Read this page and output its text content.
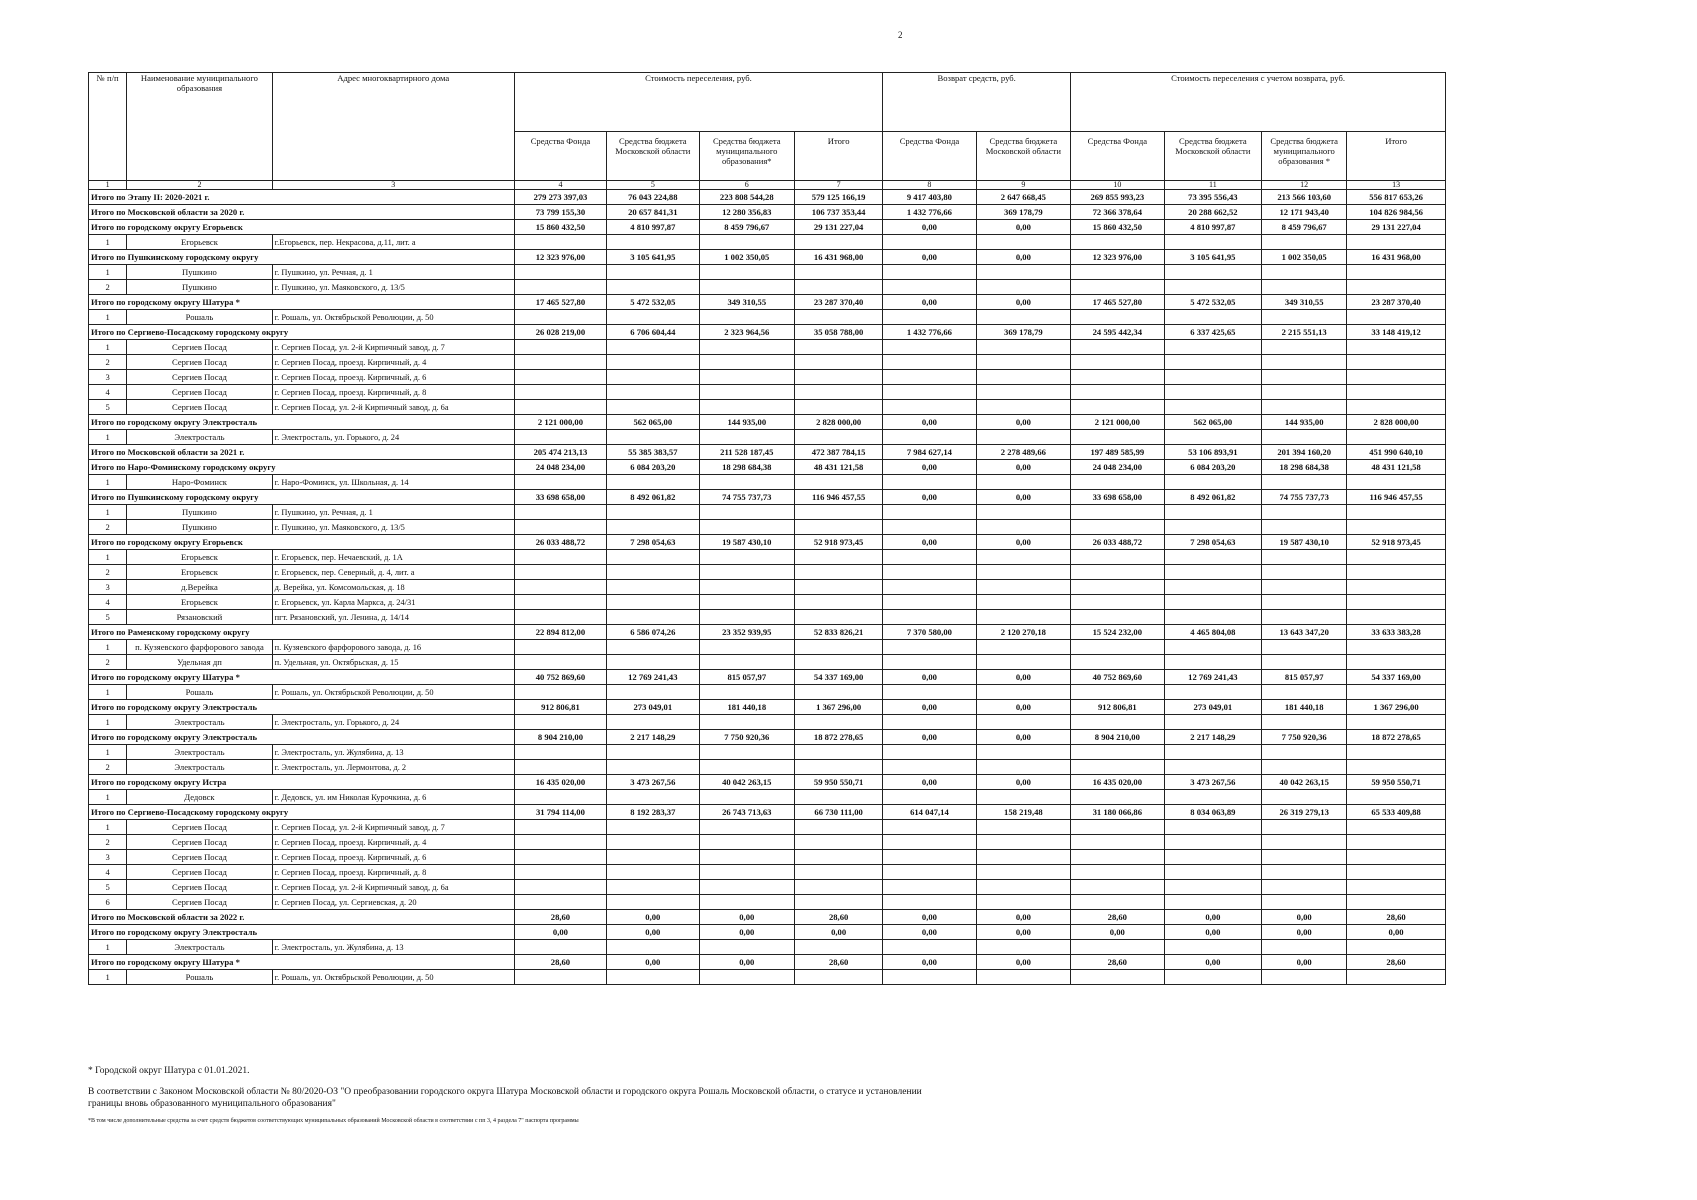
2
№ п/п	Наименование муниципального образования	Адрес многоквартирного дома	Стоимость переселения, руб.				Возврат средств, руб.		Стоимость переселения с учетом возврата, руб.			
			Средства Фонда	Средства бюджета Московской области	Средства бюджета муниципального образования*	Итого	Средства Фонда	Средства бюджета Московской области	Средства Фонда	Средства бюджета Московской области	Средства бюджета муниципального образования *	Итого
1	2	3	4	5	6	7	8	9	10	11	12	13
Итого по Этапу II: 2020-2021 г.			279 273 397,03	76 043 224,88	223 808 544,28	579 125 166,19	9 417 403,80	2 647 668,45	269 855 993,23	73 395 556,43	213 566 103,60	556 817 653,26
Итого по Московской области за 2020 г.			73 799 155,30	20 657 841,31	12 280 356,83	106 737 353,44	1 432 776,66	369 178,79	72 366 378,64	20 288 662,52	12 171 943,40	104 826 984,56
Итого по городскому округу Егорьевск			15 860 432,50	4 810 997,87	8 459 796,67	29 131 227,04	0,00	0,00	15 860 432,50	4 810 997,87	8 459 796,67	29 131 227,04
1	Егорьевск	г.Егорьевск, пер. Некрасова, д.11, лит. а										
Итого по Пушкинскому городскому округу			12 323 976,00	3 105 641,95	1 002 350,05	16 431 968,00	0,00	0,00	12 323 976,00	3 105 641,95	1 002 350,05	16 431 968,00
1	Пушкино	г. Пушкино, ул. Речная, д. 1										
2	Пушкино	г. Пушкино, ул. Маяковского, д. 13/5										
Итого по городскому округу Шатура *			17 465 527,80	5 472 532,05	349 310,55	23 287 370,40	0,00	0,00	17 465 527,80	5 472 532,05	349 310,55	23 287 370,40
1	Рошаль	г. Рошаль, ул. Октябрьской Революции, д. 50										
Итого по Сергиево-Посадскому городскому округу			26 028 219,00	6 706 604,44	2 323 964,56	35 058 788,00	1 432 776,66	369 178,79	24 595 442,34	6 337 425,65	2 215 551,13	33 148 419,12
1	Сергиев Посад	г. Сергиев Посад, ул. 2-й Кирпичный завод, д. 7										
2	Сергиев Посад	г. Сергиев Посад, проезд. Кирпичный, д. 4										
3	Сергиев Посад	г. Сергиев Посад, проезд. Кирпичный, д. 6										
4	Сергиев Посад	г. Сергиев Посад, проезд. Кирпичный, д. 8										
5	Сергиев Посад	г. Сергиев Посад, ул. 2-й Кирпичный завод, д. 6а										
Итого по городскому округу Электросталь			2 121 000,00	562 065,00	144 935,00	2 828 000,00	0,00	0,00	2 121 000,00	562 065,00	144 935,00	2 828 000,00
1	Электросталь	г. Электросталь, ул. Горького, д. 24										
Итого по Московской области за 2021 г.			205 474 213,13	55 385 383,57	211 528 187,45	472 387 784,15	7 984 627,14	2 278 489,66	197 489 585,99	53 106 893,91	201 394 160,20	451 990 640,10
Итого по Наро-Фоминскому городскому округу			24 048 234,00	6 084 203,20	18 298 684,38	48 431 121,58	0,00	0,00	24 048 234,00	6 084 203,20	18 298 684,38	48 431 121,58
1	Наро-Фоминск	г. Наро-Фоминск, ул. Школьная, д. 14										
Итого по Пушкинскому городскому округу			33 698 658,00	8 492 061,82	74 755 737,73	116 946 457,55	0,00	0,00	33 698 658,00	8 492 061,82	74 755 737,73	116 946 457,55
1	Пушкино	г. Пушкино, ул. Речная, д. 1										
2	Пушкино	г. Пушкино, ул. Маяковского, д. 13/5										
Итого по городскому округу Егорьевск			26 033 488,72	7 298 054,63	19 587 430,10	52 918 973,45	0,00	0,00	26 033 488,72	7 298 054,63	19 587 430,10	52 918 973,45
1	Егорьевск	г. Егорьевск, пер. Нечаевский, д. 1А										
2	Егорьевск	г. Егорьевск, пер. Северный, д. 4, лит. а										
3	д.Верейка	д. Верейка, ул. Комсомольская, д. 18										
4	Егорьевск	г. Егорьевск, ул. Карла Маркса, д. 24/31										
5	Рязановский	пгт. Рязановский, ул. Ленина, д. 14/14										
Итого по Раменскому городскому округу			22 894 812,00	6 586 074,26	23 352 939,95	52 833 826,21	7 370 580,00	2 120 270,18	15 524 232,00	4 465 804,08	13 643 347,20	33 633 383,28
1	п. Кузяевского фарфорового завода	п. Кузяевского фарфорового завода, д. 16										
2	Удельная дп	п. Удельная, ул. Октябрьская, д. 15										
Итого по городскому округу Шатура *			40 752 869,60	12 769 241,43	815 057,97	54 337 169,00	0,00	0,00	40 752 869,60	12 769 241,43	815 057,97	54 337 169,00
1	Рошаль	г. Рошаль, ул. Октябрьской Революции, д. 50										
Итого по городскому округу Электросталь			912 806,81	273 049,01	181 440,18	1 367 296,00	0,00	0,00	912 806,81	273 049,01	181 440,18	1 367 296,00
1	Электросталь	г. Электросталь, ул. Горького, д. 24										
Итого по городскому округу Электросталь			8 904 210,00	2 217 148,29	7 750 920,36	18 872 278,65	0,00	0,00	8 904 210,00	2 217 148,29	7 750 920,36	18 872 278,65
1	Электросталь	г. Электросталь, ул. Жулябина, д. 13										
2	Электросталь	г. Электросталь, ул. Лермонтова, д. 2										
Итого по городскому округу Истра			16 435 020,00	3 473 267,56	40 042 263,15	59 950 550,71	0,00	0,00	16 435 020,00	3 473 267,56	40 042 263,15	59 950 550,71
1	Дедовск	г. Дедовск, ул. им Николая Курочкина, д. 6										
Итого по Сергиево-Посадскому городскому округу			31 794 114,00	8 192 283,37	26 743 713,63	66 730 111,00	614 047,14	158 219,48	31 180 066,86	8 034 063,89	26 319 279,13	65 533 409,88
1	Сергиев Посад	г. Сергиев Посад, ул. 2-й Кирпичный завод, д. 7										
2	Сергиев Посад	г. Сергиев Посад, проезд. Кирпичный, д. 4										
3	Сергиев Посад	г. Сергиев Посад, проезд. Кирпичный, д. 6										
4	Сергиев Посад	г. Сергиев Посад, проезд. Кирпичный, д. 8										
5	Сергиев Посад	г. Сергиев Посад, ул. 2-й Кирпичный завод, д. 6а										
6	Сергиев Посад	г. Сергиев Посад, ул. Сергиевская, д. 20										
Итого по Московской области за 2022 г.			28,60	0,00	0,00	28,60	0,00	0,00	28,60	0,00	0,00	28,60
Итого по городскому округу Электросталь			0,00	0,00	0,00	0,00	0,00	0,00	0,00	0,00	0,00	0,00
1	Электросталь	г. Электросталь, ул. Жулябина, д. 13										
Итого по городскому округу Шатура *			28,60	0,00	0,00	28,60	0,00	0,00	28,60	0,00	0,00	28,60
1	Рошаль	г. Рошаль, ул. Октябрьской Революции, д. 50										
* Городской округ Шатура с 01.01.2021.
В соответствии с Законом Московской области № 80/2020-ОЗ "О преобразовании городского округа Шатура Московской области и городского округа Рошаль Московской области, о статусе и установлении границы вновь образованного муниципального образования"
*В том числе дополнительные средства за счет средств бюджетов соответствующих муниципальных образований Московской области в соответствии с пп 3, 4 раздела 7" паспорта программы
